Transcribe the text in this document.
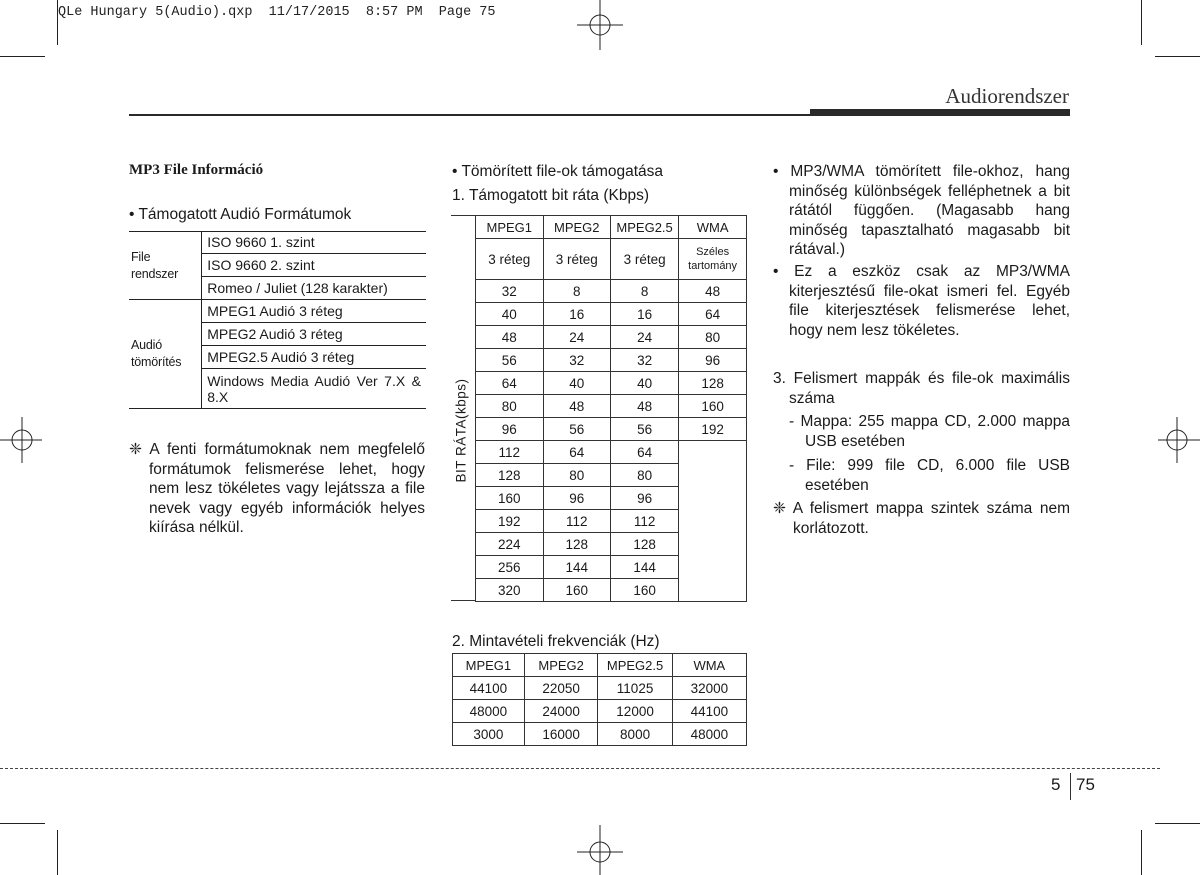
QLe Hungary 5(Audio).qxp  11/17/2015  8:57 PM  Page 75
Audiorendszer
MP3 File Információ
• Támogatott Audió Formátumok
File rendszer	ISO 9660 1. szint
	ISO 9660 2. szint
	Romeo / Juliet (128 karakter)

Audió
tömörítés	MPEG1 Audió 3 réteg
	MPEG2 Audió 3 réteg
	MPEG2.5 Audió 3 réteg
	Windows Media Audió Ver 7.X & 8.X
❈ A fenti formátumoknak nem megfelelő formátumok felismerése lehet, hogy nem lesz tökéletes vagy lejátssza a file nevek vagy egyéb információk helyes kiírása nélkül.
• Tömörített file-ok támogatása
1. Támogatott bit ráta (Kbps)
BIT RÁTA(kbps)
MPEG1	MPEG2	MPEG2.5	WMA
3 réteg	3 réteg	3 réteg	Széles
tartomány

32	8	8	48
40	16	16	64
48	24	24	80
56	32	32	96
64	40	40	128
80	48	48	160
96	56	56	192
112	64	64	
128	80	80	
160	96	96	
192	112	112	
224	128	128	
256	144	144	
320	160	160	
2. Mintavételi frekvenciák (Hz)
MPEG1	MPEG2	MPEG2.5	WMA
44100	22050	11025	32000
48000	24000	12000	44100
3000	16000	8000	48000
• MP3/WMA tömörített file-okhoz, hang minőség különbségek felléphetnek a bit rátától függően. (Magasabb hang minőség tapasztalható magasabb bit rátával.)
• Ez a eszköz csak az MP3/WMA kiterjesztésű file-okat ismeri fel. Egyéb file kiterjesztések felismerése lehet, hogy nem lesz tökéletes.
3. Felismert mappák és file-ok maximális száma
- Mappa: 255 mappa CD, 2.000 mappa USB esetében
- File: 999 file CD, 6.000 file USB esetében
❈ A felismert mappa szintek száma nem korlátozott.
5 75
